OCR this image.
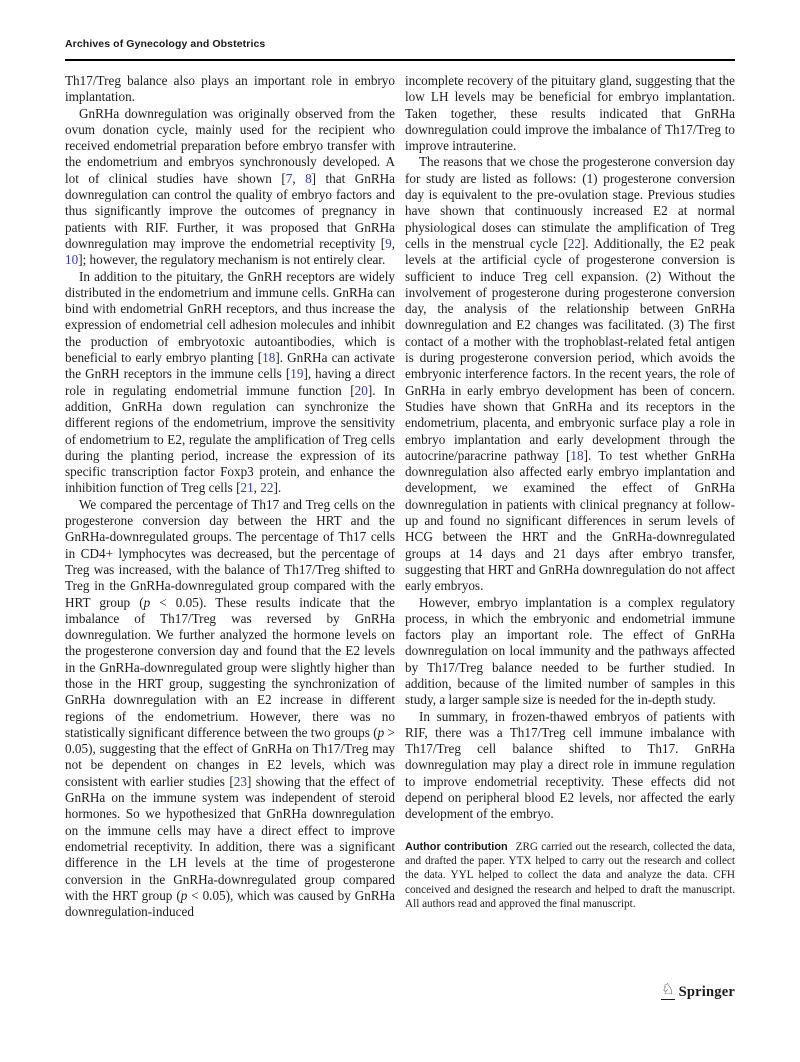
Archives of Gynecology and Obstetrics

Th17/Treg balance also plays an important role in embryo implantation.

GnRHa downregulation was originally observed from the ovum donation cycle, mainly used for the recipient who received endometrial preparation before embryo transfer with the endometrium and embryos synchronously developed. A lot of clinical studies have shown [7, 8] that GnRHa downregulation can control the quality of embryo factors and thus significantly improve the outcomes of pregnancy in patients with RIF. Further, it was proposed that GnRHa downregulation may improve the endometrial receptivity [9, 10]; however, the regulatory mechanism is not entirely clear.

In addition to the pituitary, the GnRH receptors are widely distributed in the endometrium and immune cells. GnRHa can bind with endometrial GnRH receptors, and thus increase the expression of endometrial cell adhesion molecules and inhibit the production of embryotoxic autoantibodies, which is beneficial to early embryo planting [18]. GnRHa can activate the GnRH receptors in the immune cells [19], having a direct role in regulating endometrial immune function [20]. In addition, GnRHa down regulation can synchronize the different regions of the endometrium, improve the sensitivity of endometrium to E2, regulate the amplification of Treg cells during the planting period, increase the expression of its specific transcription factor Foxp3 protein, and enhance the inhibition function of Treg cells [21, 22].

We compared the percentage of Th17 and Treg cells on the progesterone conversion day between the HRT and the GnRHa-downregulated groups. The percentage of Th17 cells in CD4+ lymphocytes was decreased, but the percentage of Treg was increased, with the balance of Th17/Treg shifted to Treg in the GnRHa-downregulated group compared with the HRT group (p < 0.05). These results indicate that the imbalance of Th17/Treg was reversed by GnRHa downregulation. We further analyzed the hormone levels on the progesterone conversion day and found that the E2 levels in the GnRHa-downregulated group were slightly higher than those in the HRT group, suggesting the synchronization of GnRHa downregulation with an E2 increase in different regions of the endometrium. However, there was no statistically significant difference between the two groups (p > 0.05), suggesting that the effect of GnRHa on Th17/Treg may not be dependent on changes in E2 levels, which was consistent with earlier studies [23] showing that the effect of GnRHa on the immune system was independent of steroid hormones. So we hypothesized that GnRHa downregulation on the immune cells may have a direct effect to improve endometrial receptivity. In addition, there was a significant difference in the LH levels at the time of progesterone conversion in the GnRHa-downregulated group compared with the HRT group (p < 0.05), which was caused by GnRHa downregulation-induced

incomplete recovery of the pituitary gland, suggesting that the low LH levels may be beneficial for embryo implantation. Taken together, these results indicated that GnRHa downregulation could improve the imbalance of Th17/Treg to improve intrauterine.

The reasons that we chose the progesterone conversion day for study are listed as follows: (1) progesterone conversion day is equivalent to the pre-ovulation stage. Previous studies have shown that continuously increased E2 at normal physiological doses can stimulate the amplification of Treg cells in the menstrual cycle [22]. Additionally, the E2 peak levels at the artificial cycle of progesterone conversion is sufficient to induce Treg cell expansion. (2) Without the involvement of progesterone during progesterone conversion day, the analysis of the relationship between GnRHa downregulation and E2 changes was facilitated. (3) The first contact of a mother with the trophoblast-related fetal antigen is during progesterone conversion period, which avoids the embryonic interference factors. In the recent years, the role of GnRHa in early embryo development has been of concern. Studies have shown that GnRHa and its receptors in the endometrium, placenta, and embryonic surface play a role in embryo implantation and early development through the autocrine/paracrine pathway [18]. To test whether GnRHa downregulation also affected early embryo implantation and development, we examined the effect of GnRHa downregulation in patients with clinical pregnancy at follow-up and found no significant differences in serum levels of HCG between the HRT and the GnRHa-downregulated groups at 14 days and 21 days after embryo transfer, suggesting that HRT and GnRHa downregulation do not affect early embryos.

However, embryo implantation is a complex regulatory process, in which the embryonic and endometrial immune factors play an important role. The effect of GnRHa downregulation on local immunity and the pathways affected by Th17/Treg balance needed to be further studied. In addition, because of the limited number of samples in this study, a larger sample size is needed for the in-depth study.

In summary, in frozen-thawed embryos of patients with RIF, there was a Th17/Treg cell immune imbalance with Th17/Treg cell balance shifted to Th17. GnRHa downregulation may play a direct role in immune regulation to improve endometrial receptivity. These effects did not depend on peripheral blood E2 levels, nor affected the early development of the embryo.

Author contribution ZRG carried out the research, collected the data, and drafted the paper. YTX helped to carry out the research and collect the data. YYL helped to collect the data and analyze the data. CFH conceived and designed the research and helped to draft the manuscript. All authors read and approved the final manuscript.

♘ Springer
